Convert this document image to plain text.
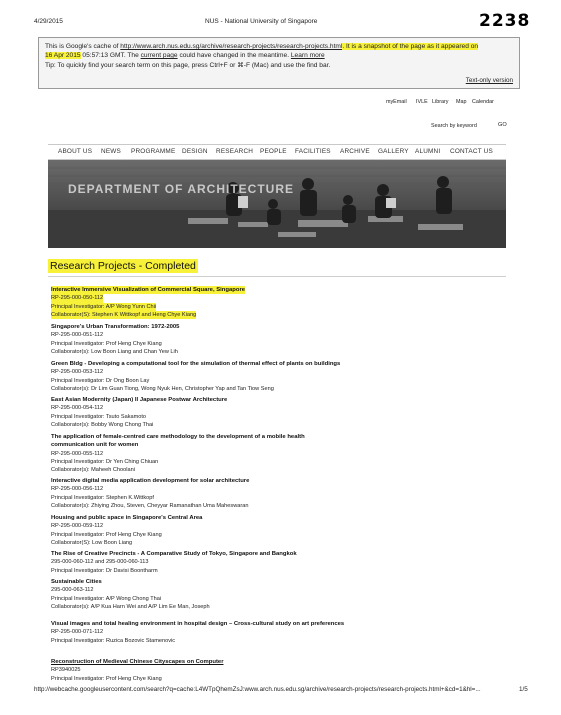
4/29/2015	NUS - National University of Singapore	2238
This is Google's cache of http://www.arch.nus.edu.sg/archive/research-projects/research-projects.html. It is a snapshot of the page as it appeared on
16 Apr 2015 05:57:13 GMT. The current page could have changed in the meantime. Learn more
Tip: To quickly find your search term on this page, press Ctrl+F or ⌘-F (Mac) and use the find bar.
Text-only version
myEmail IVLE Library Map Calendar
Search by keyword	GO
ABOUT US NEWS PROGRAMME DESIGN RESEARCH PEOPLE FACILITIES ARCHIVE GALLERY ALUMNI CONTACT US
DEPARTMENT OF ARCHITECTURE
Research Projects - Completed
Interactive Immersive Visualization of Commercial Square, Singapore
RP-295-000-050-112
Principal Investigator: A/P Wong Yunn Chii
Collaborator(S): Stephen K Wittkopf and Heng Chye Kiang
Singapore's Urban Transformation: 1972-2005
RP-295-000-051-112
Principal Investigator: Prof Heng Chye Kiang
Collaborator(s): Low Boon Liang and Chan Yew Lih
Green Bldg - Developing a computational tool for the simulation of thermal effect of plants on buildings
RP-295-000-053-112
Principal Investigator: Dr Ong Boon Lay
Collaborator(s): Dr Lim Guan Tiong, Wong Nyuk Hen, Christopher Yap and Tan Tiow Seng
East Asian Modernity (Japan) II Japanese Postwar Architecture
RP-295-000-054-112
Principal Investigator: Tsuto Sakamoto
Collaborator(s): Bobby Wong Chong Thai
The application of female-centred care methodology to the development of a mobile health
communication unit for women
RP-295-000-055-112
Principal Investigator: Dr Yen Ching Chiuan
Collaborator(s): Maheeh Choolani
Interactive digital media application development for solar architecture
RP-295-000-056-112
Principal Investigator: Stephen K.Wittkopf
Collaborator(s): Zhiying Zhou, Steven, Cheyyar Ramanathan Uma Maheswaran
Housing and public space in Singapore's Central Area
RP-295-000-059-112
Principal Investigator: Prof Heng Chye Kiang
Collaborator(S): Low Boon Liang
The Rise of Creative Precincts - A Comparative Study of Tokyo, Singapore and Bangkok
295-000-060-112 and 295-000-060-113
Principal Investigator: Dr Davisi Boontharm
Sustainable Cities
295-000-063-112
Principal Investigator: A/P Wong Chong Thai
Collaborator(s): A/P Kua Harn Wei and A/P Lim Ee Man, Joseph
Visual images and total healing environment in hospital design – Cross-cultural study on art preferences
RP-295-000-071-112
Principal Investigator: Ruzica Bozovic Stamenovic
Reconstruction of Medieval Chinese Cityscapes on Computer
RP3940025
Principal Investigator: Prof Heng Chye Kiang
http://webcache.googleusercontent.com/search?q=cache:L4WTpQhemZsJ:www.arch.nus.edu.sg/archive/research-projects/research-projects.html+&cd=1&hl=...	1/5
